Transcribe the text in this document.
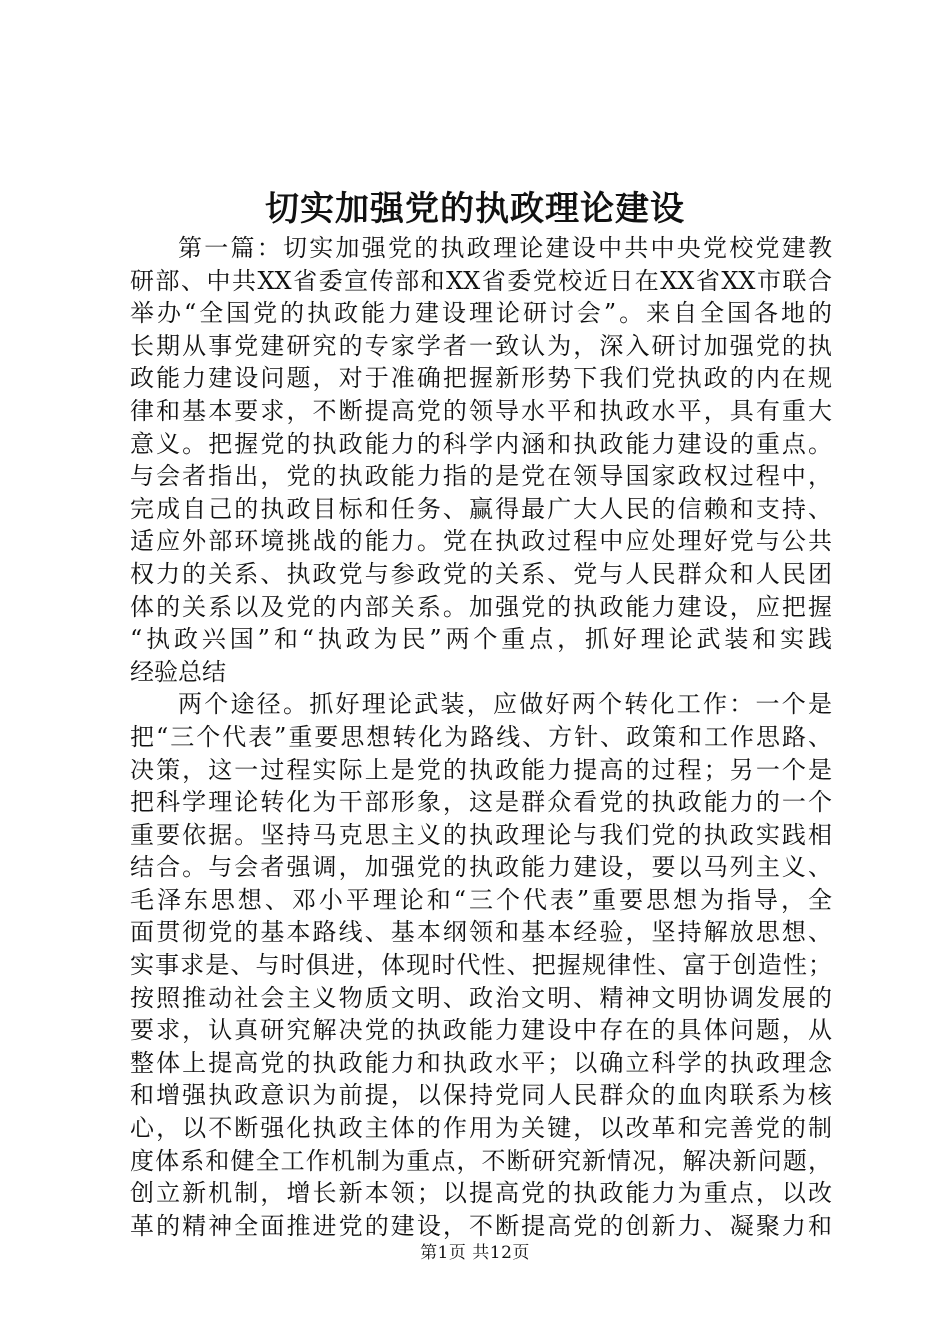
切实加强党的执政理论建设
第一篇：切实加强党的执政理论建设中共中央党校党建教
研部、中共XX省委宣传部和XX省委党校近日在XX省XX市联合
举办“全国党的执政能力建设理论研讨会”。来自全国各地的
长期从事党建研究的专家学者一致认为，深入研讨加强党的执
政能力建设问题，对于准确把握新形势下我们党执政的内在规
律和基本要求，不断提高党的领导水平和执政水平，具有重大
意义。把握党的执政能力的科学内涵和执政能力建设的重点。
与会者指出，党的执政能力指的是党在领导国家政权过程中，
完成自己的执政目标和任务、赢得最广大人民的信赖和支持、
适应外部环境挑战的能力。党在执政过程中应处理好党与公共
权力的关系、执政党与参政党的关系、党与人民群众和人民团
体的关系以及党的内部关系。加强党的执政能力建设，应把握
“执政兴国”和“执政为民”两个重点，抓好理论武装和实践
经验总结
两个途径。抓好理论武装，应做好两个转化工作：一个是
把“三个代表”重要思想转化为路线、方针、政策和工作思路、
决策，这一过程实际上是党的执政能力提高的过程；另一个是
把科学理论转化为干部形象，这是群众看党的执政能力的一个
重要依据。坚持马克思主义的执政理论与我们党的执政实践相
结合。与会者强调，加强党的执政能力建设，要以马列主义、
毛泽东思想、邓小平理论和“三个代表”重要思想为指导，全
面贯彻党的基本路线、基本纲领和基本经验，坚持解放思想、
实事求是、与时俱进，体现时代性、把握规律性、富于创造性；
按照推动社会主义物质文明、政治文明、精神文明协调发展的
要求，认真研究解决党的执政能力建设中存在的具体问题，从
整体上提高党的执政能力和执政水平；以确立科学的执政理念
和增强执政意识为前提，以保持党同人民群众的血肉联系为核
心，以不断强化执政主体的作用为关键，以改革和完善党的制
度体系和健全工作机制为重点，不断研究新情况，解决新问题，
创立新机制，增长新本领；以提高党的执政能力为重点，以改
革的精神全面推进党的建设，不断提高党的创新力、凝聚力和
第1页 共12页
